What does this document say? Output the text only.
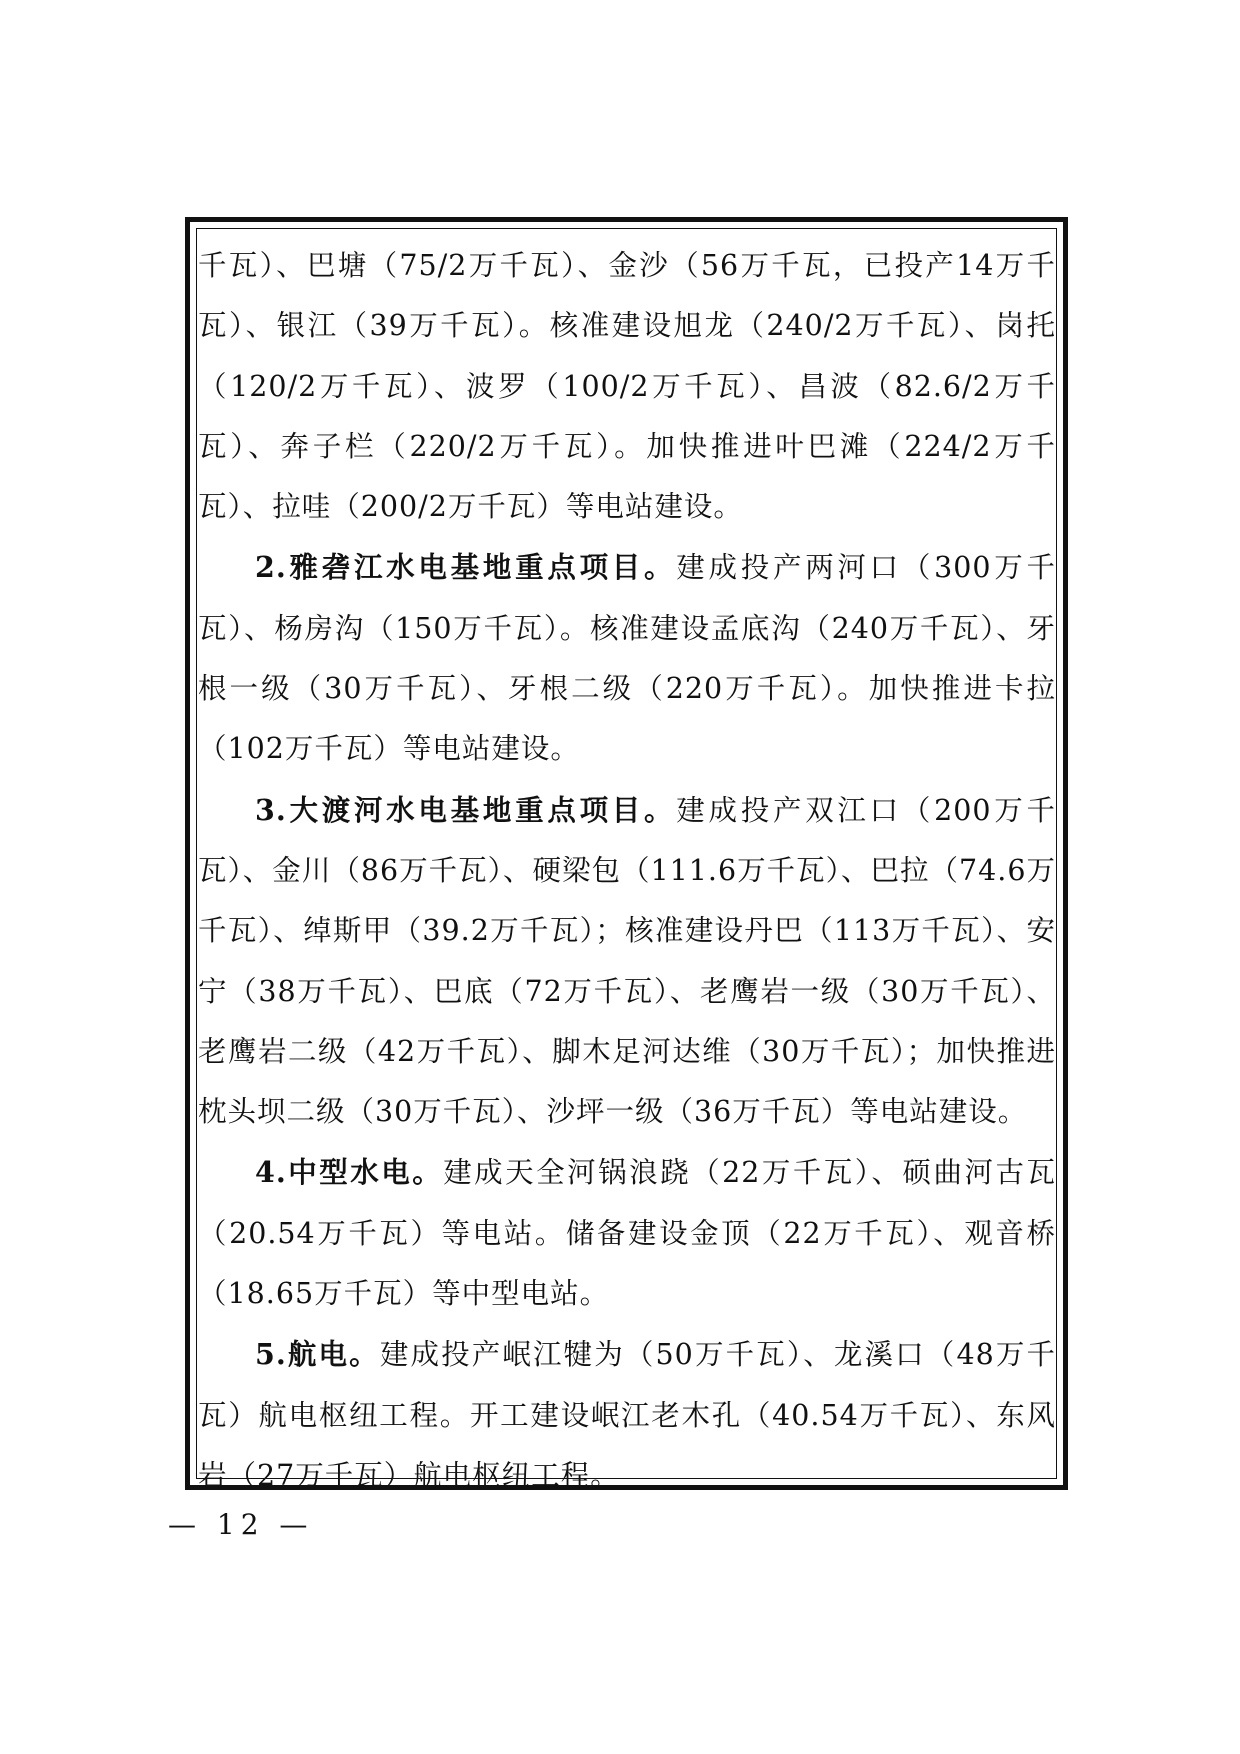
千瓦）、巴塘（75/2万千瓦）、金沙（56万千瓦，已投产14万千瓦）、银江（39万千瓦）。核准建设旭龙（240/2万千瓦）、岗托（120/2万千瓦）、波罗（100/2万千瓦）、昌波（82.6/2万千瓦）、奔子栏（220/2万千瓦）。加快推进叶巴滩（224/2万千瓦）、拉哇（200/2万千瓦）等电站建设。

2.雅砻江水电基地重点项目。建成投产两河口（300万千瓦）、杨房沟（150万千瓦）。核准建设孟底沟（240万千瓦）、牙根一级（30万千瓦）、牙根二级（220万千瓦）。加快推进卡拉（102万千瓦）等电站建设。

3.大渡河水电基地重点项目。建成投产双江口（200万千瓦）、金川（86万千瓦）、硬梁包（111.6万千瓦）、巴拉（74.6万千瓦）、绰斯甲（39.2万千瓦）；核准建设丹巴（113万千瓦）、安宁（38万千瓦）、巴底（72万千瓦）、老鹰岩一级（30万千瓦）、老鹰岩二级（42万千瓦）、脚木足河达维（30万千瓦）；加快推进枕头坝二级（30万千瓦）、沙坪一级（36万千瓦）等电站建设。

4.中型水电。建成天全河锅浪跷（22万千瓦）、硕曲河古瓦（20.54万千瓦）等电站。储备建设金顶（22万千瓦）、观音桥（18.65万千瓦）等中型电站。

5.航电。建成投产岷江犍为（50万千瓦）、龙溪口（48万千瓦）航电枢纽工程。开工建设岷江老木孔（40.54万千瓦）、东风岩（27万千瓦）航电枢纽工程。

— 12 —
